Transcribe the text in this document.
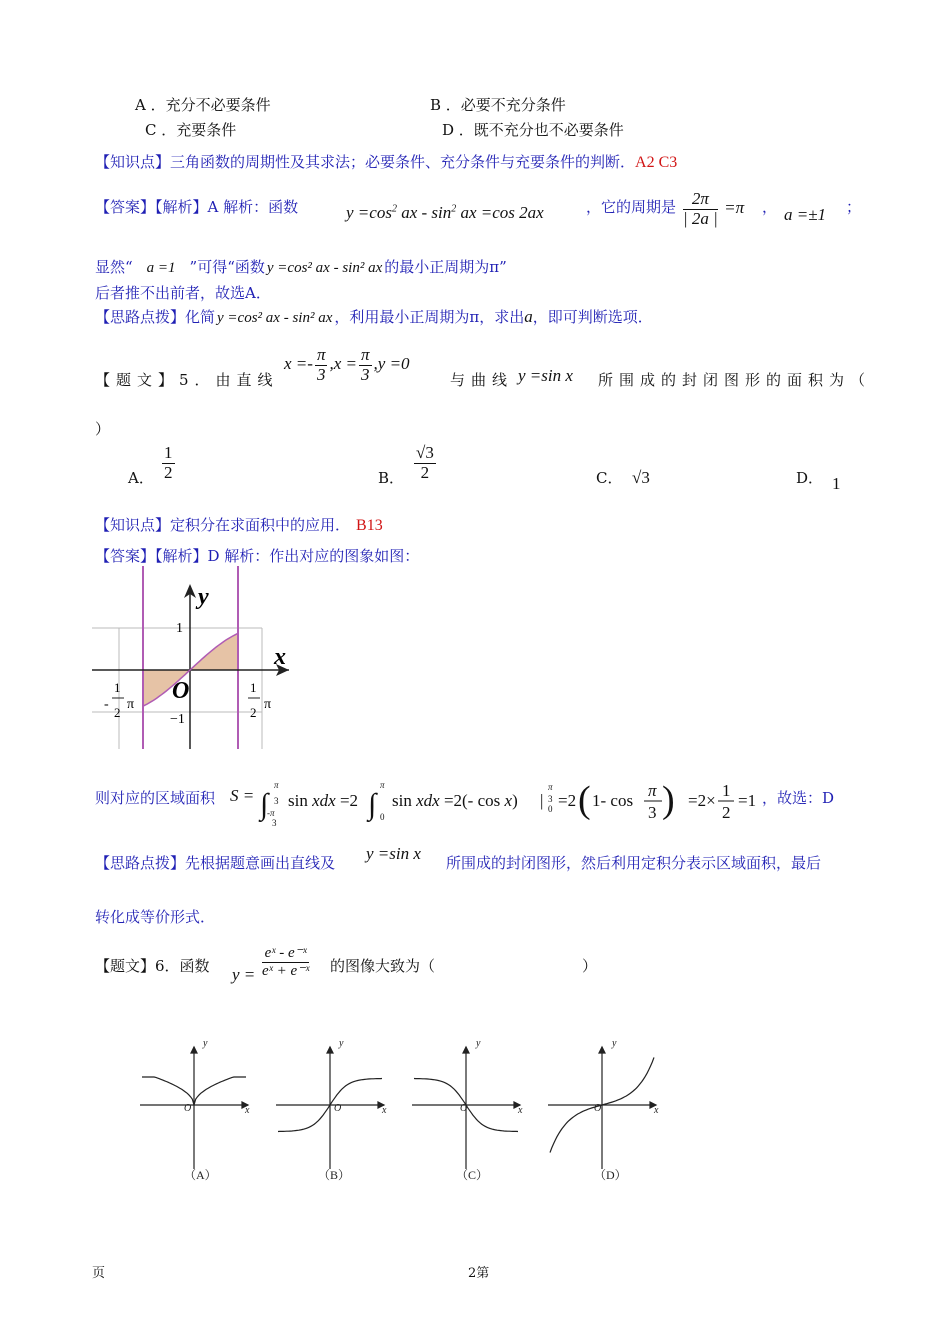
A ．充分不必要条件	B ．必要不充分条件
C ．充要条件	D ．既不充分也不必要条件
【知识点】三角函数的周期性及其求法；必要条件、充分条件与充要条件的判断．A2 C3
【答案】【解析】A 解析：函数	$y =\cos^2$ ax - $\sin^2$ ax =cos 2ax	，它的周期是 $\frac{2\pi}{| 2a |} =\pi$ ， a =±1 ；
显然“ a =1 ”可得“函数 y =cos² ax - sin² ax 的最小正周期为π”
后者推不出前者，故选A．
【思路点拨】化简 y =cos² ax - sin² ax ，利用最小正周期为π，求出a，即可判断选项．
【题文】5．由直线
$x =- \frac{\pi}{3} ,x = \frac{\pi}{3} ,y =0$
与曲线 y =sin x 所围成的封闭图形的面积为（
）
A． $\frac{1}{2}$	B． $\frac{√3}{2}$	C． √3	D． 1
【知识点】定积分在求面积中的应用． B13
【答案】【解析】D 解析：作出对应的图象如图：
y
x
O
1
−1
-
1
2
π
1
2
π
则对应的区域面积 S = ∫
π
3
-π
3
sin xdx =2 ∫
π
0
sin xdx =2(- cos x) |
π
3
0 =2 ( 1- cos
π
3 ) =2×
1
2
=1 ，故选：D
【思路点拨】先根据题意画出直线及 y =sin x 所围成的封闭图形，然后利用定积分表示区域面积，最后
转化成等价形式．
【题文】6．函数 $y = \frac{\text{eˣ - e⁻ˣ}}{\text{eˣ + e⁻ˣ}}$ 的图像大致为（	）
y
x
O
y
x
O
y
x
O
y
x
O
（A）	（B）	（C）	（D）
页	2第
